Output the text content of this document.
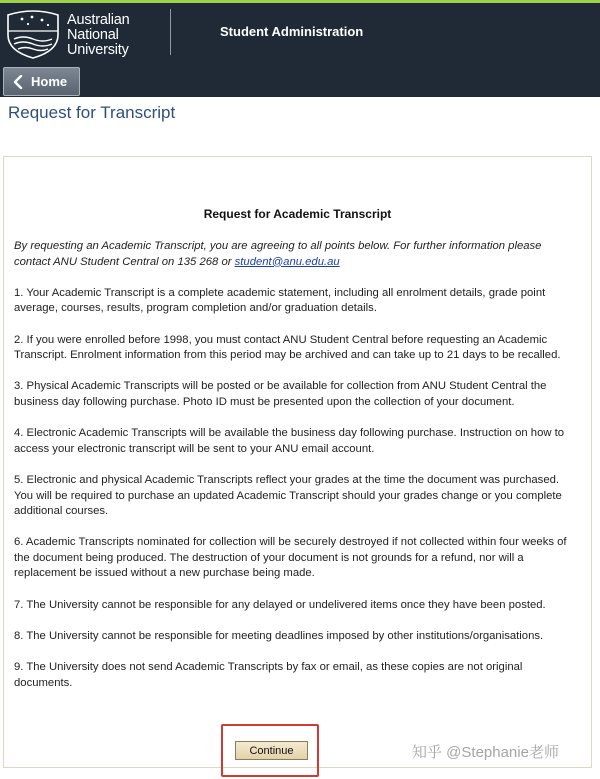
Australian
National
University
Student Administration
Home
Request for Transcript
Request for Academic Transcript

By requesting an Academic Transcript, you are agreeing to all points below. For further information please contact ANU Student Central on 135 268 or student@anu.edu.au

1. Your Academic Transcript is a complete academic statement, including all enrolment details, grade point average, courses, results, program completion and/or graduation details.

2. If you were enrolled before 1998, you must contact ANU Student Central before requesting an Academic Transcript. Enrolment information from this period may be archived and can take up to 21 days to be recalled.

3. Physical Academic Transcripts will be posted or be available for collection from ANU Student Central the business day following purchase. Photo ID must be presented upon the collection of your document.

4. Electronic Academic Transcripts will be available the business day following purchase. Instruction on how to access your electronic transcript will be sent to your ANU email account.

5. Electronic and physical Academic Transcripts reflect your grades at the time the document was purchased. You will be required to purchase an updated Academic Transcript should your grades change or you complete additional courses.

6. Academic Transcripts nominated for collection will be securely destroyed if not collected within four weeks of the document being produced. The destruction of your document is not grounds for a refund, nor will a replacement be issued without a new purchase being made.

7. The University cannot be responsible for any delayed or undelivered items once they have been posted.

8. The University cannot be responsible for meeting deadlines imposed by other institutions/organisations.

9. The University does not send Academic Transcripts by fax or email, as these copies are not original documents.

Continue	知乎 @Stephanie老师
